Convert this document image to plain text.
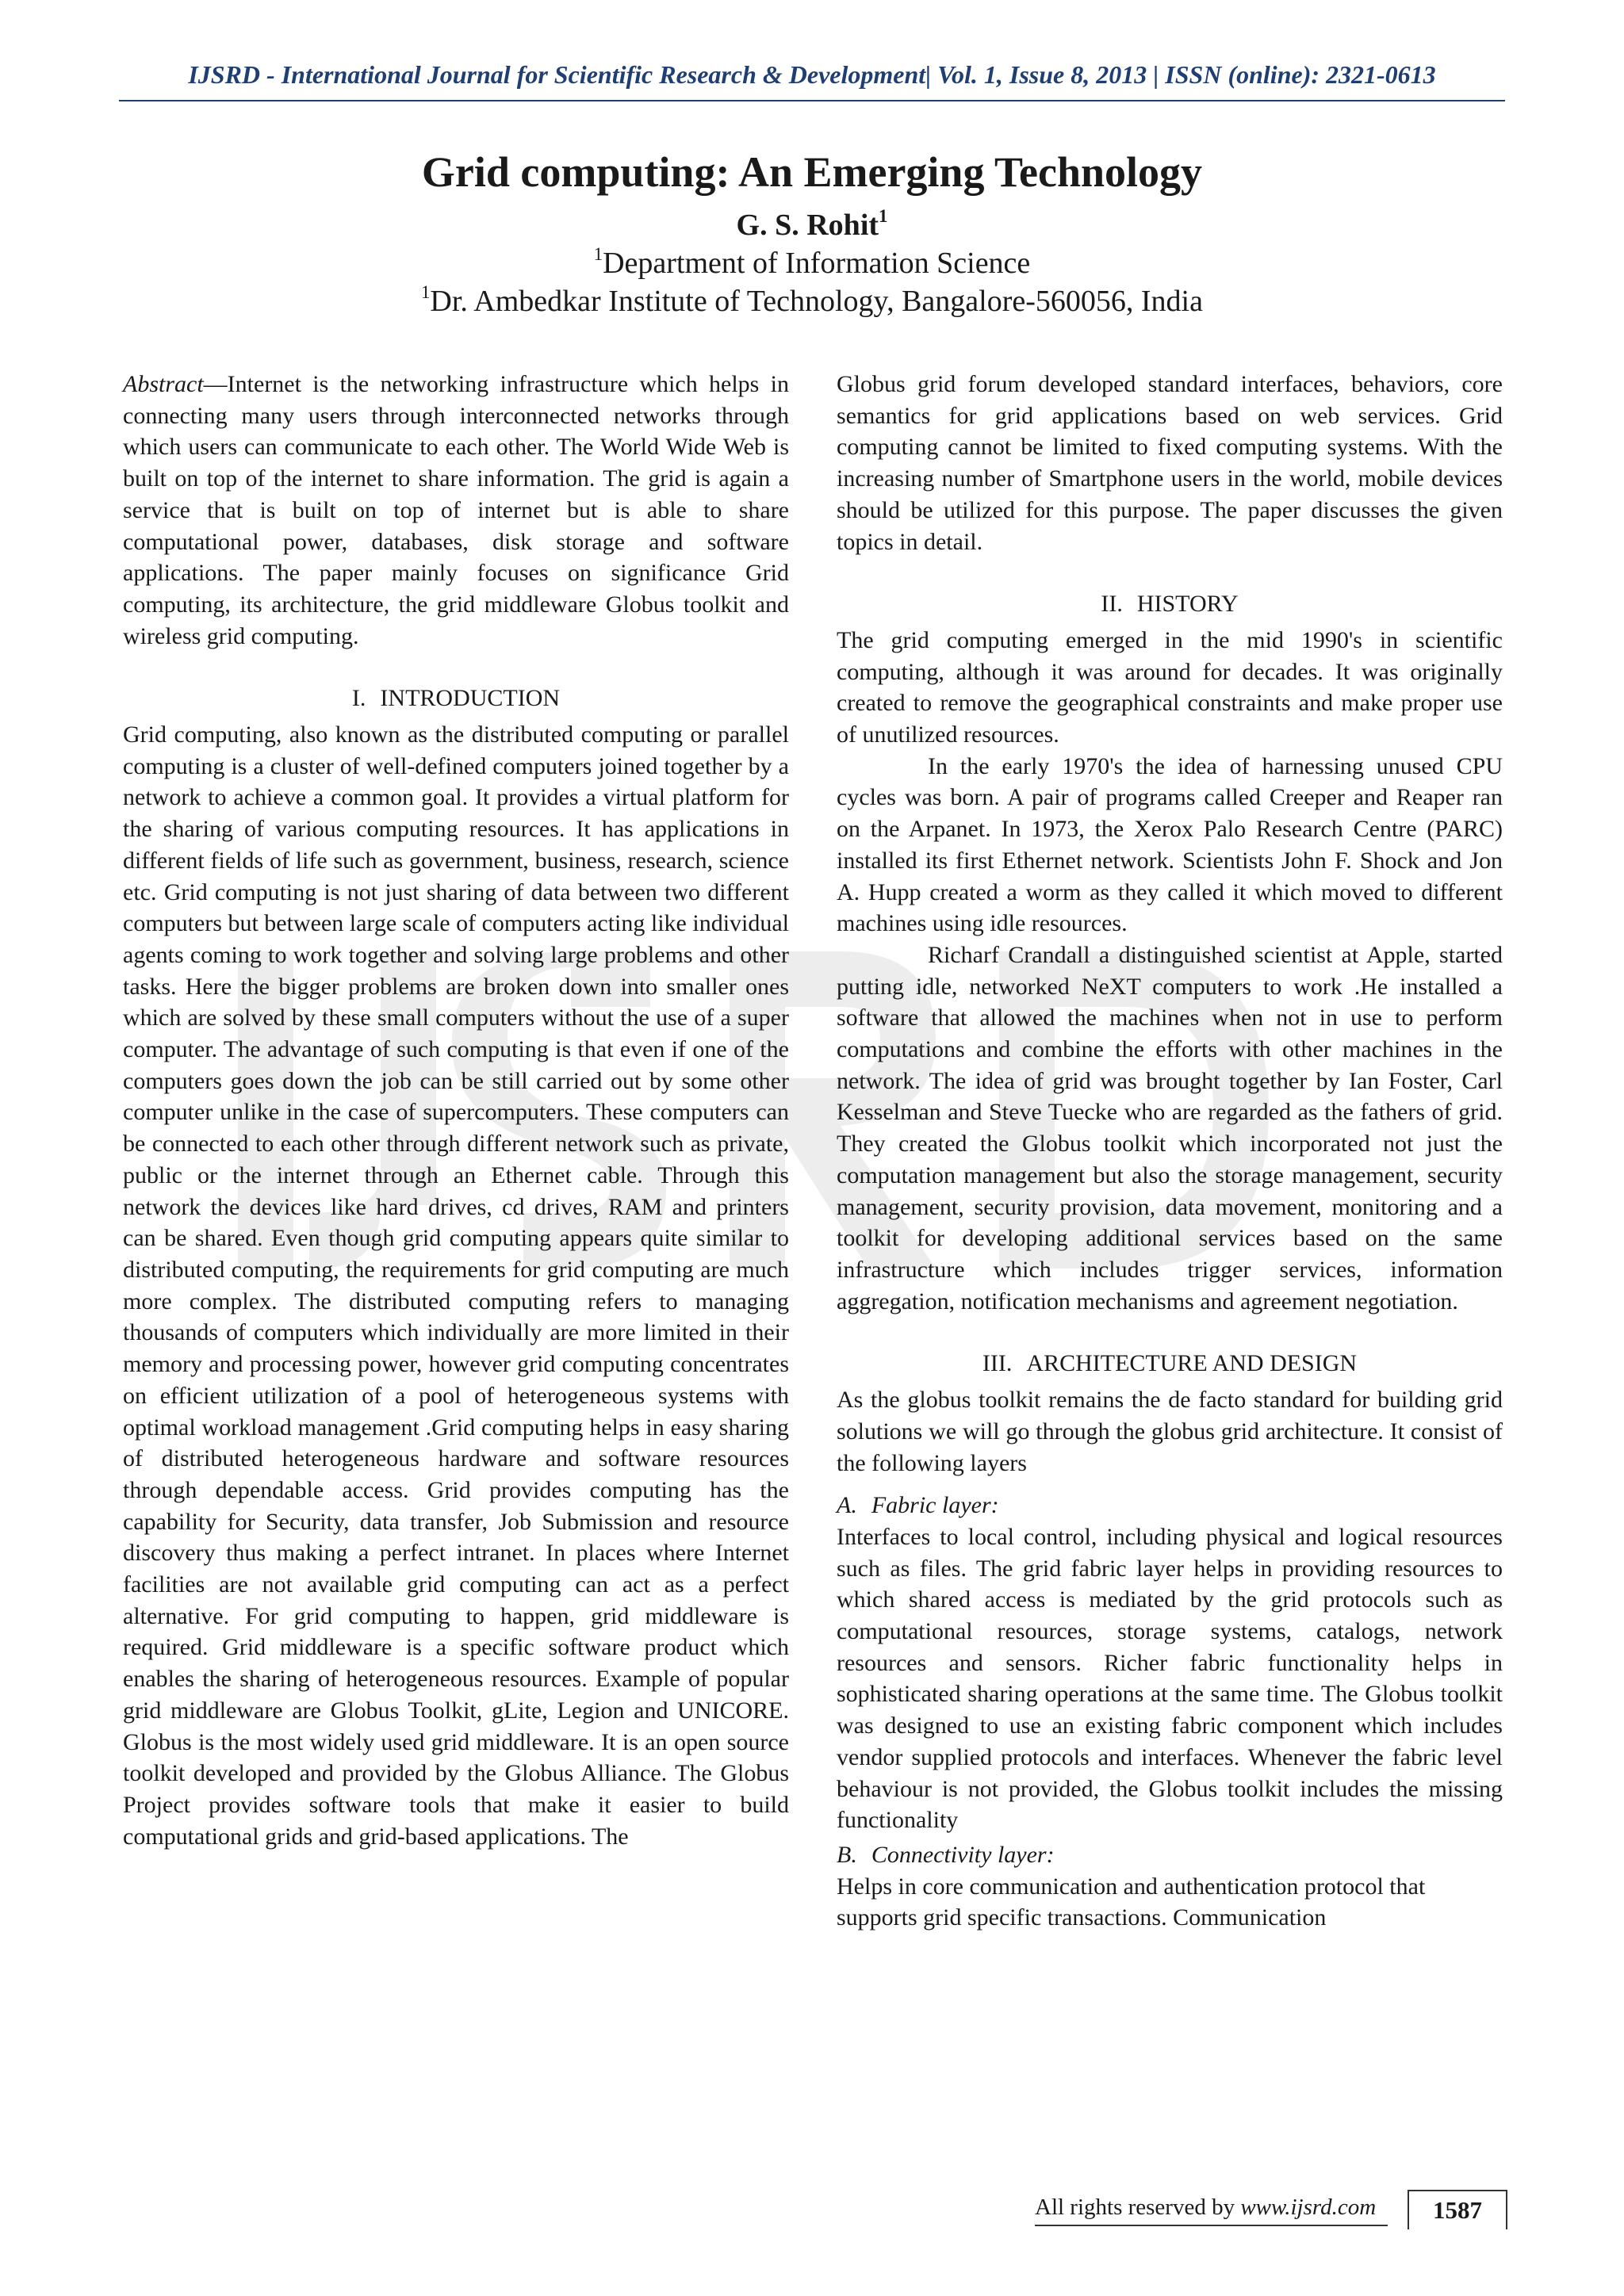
IJSRD - International Journal for Scientific Research & Development| Vol. 1, Issue 8, 2013 | ISSN (online): 2321-0613
Grid computing: An Emerging Technology
G. S. Rohit$^1$
$^1$Department of Information Science
$^1$Dr. Ambedkar Institute of Technology, Bangalore-560056, India

Abstract—Internet is the networking infrastructure which helps in connecting many users through interconnected networks through which users can communicate to each other. The World Wide Web is built on top of the internet to share information. The grid is again a service that is built on top of internet but is able to share computational power, databases, disk storage and software applications. The paper mainly focuses on significance Grid computing, its architecture, the grid middleware Globus toolkit and wireless grid computing.

I. INTRODUCTION

Grid computing, also known as the distributed computing or parallel computing is a cluster of well-defined computers joined together by a network to achieve a common goal. It provides a virtual platform for the sharing of various computing resources. It has applications in different fields of life such as government, business, research, science etc. Grid computing is not just sharing of data between two different computers but between large scale of computers acting like individual agents coming to work together and solving large problems and other tasks. Here the bigger problems are broken down into smaller ones which are solved by these small computers without the use of a super computer. The advantage of such computing is that even if one of the computers goes down the job can be still carried out by some other computer unlike in the case of supercomputers. These computers can be connected to each other through different network such as private, public or the internet through an Ethernet cable. Through this network the devices like hard drives, cd drives, RAM and printers can be shared. Even though grid computing appears quite similar to distributed computing, the requirements for grid computing are much more complex. The distributed computing refers to managing thousands of computers which individually are more limited in their memory and processing power, however grid computing concentrates on efficient utilization of a pool of heterogeneous systems with optimal workload management .Grid computing helps in easy sharing of distributed heterogeneous hardware and software resources through dependable access. Grid provides computing has the capability for Security, data transfer, Job Submission and resource discovery thus making a perfect intranet. In places where Internet facilities are not available grid computing can act as a perfect alternative. For grid computing to happen, grid middleware is required. Grid middleware is a specific software product which enables the sharing of heterogeneous resources. Example of popular grid middleware are Globus Toolkit, gLite, Legion and UNICORE. Globus is the most widely used grid middleware. It is an open source toolkit developed and provided by the Globus Alliance. The Globus Project provides software tools that make it easier to build computational grids and grid-based applications. The

Globus grid forum developed standard interfaces, behaviors, core semantics for grid applications based on web services. Grid computing cannot be limited to fixed computing systems. With the increasing number of Smartphone users in the world, mobile devices should be utilized for this purpose. The paper discusses the given topics in detail.

II. HISTORY

The grid computing emerged in the mid 1990's in scientific computing, although it was around for decades. It was originally created to remove the geographical constraints and make proper use of unutilized resources.

In the early 1970's the idea of harnessing unused CPU cycles was born. A pair of programs called Creeper and Reaper ran on the Arpanet. In 1973, the Xerox Palo Research Centre (PARC) installed its first Ethernet network. Scientists John F. Shock and Jon A. Hupp created a worm as they called it which moved to different machines using idle resources.

Richarf Crandall a distinguished scientist at Apple, started putting idle, networked NeXT computers to work .He installed a software that allowed the machines when not in use to perform computations and combine the efforts with other machines in the network. The idea of grid was brought together by Ian Foster, Carl Kesselman and Steve Tuecke who are regarded as the fathers of grid. They created the Globus toolkit which incorporated not just the computation management but also the storage management, security management, security provision, data movement, monitoring and a toolkit for developing additional services based on the same infrastructure which includes trigger services, information aggregation, notification mechanisms and agreement negotiation.

III. ARCHITECTURE AND DESIGN

As the globus toolkit remains the de facto standard for building grid solutions we will go through the globus grid architecture. It consist of the following layers

A. Fabric layer:

Interfaces to local control, including physical and logical resources such as files. The grid fabric layer helps in providing resources to which shared access is mediated by the grid protocols such as computational resources, storage systems, catalogs, network resources and sensors. Richer fabric functionality helps in sophisticated sharing operations at the same time. The Globus toolkit was designed to use an existing fabric component which includes vendor supplied protocols and interfaces. Whenever the fabric level behaviour is not provided, the Globus toolkit includes the missing functionality

B. Connectivity layer:

Helps in core communication and authentication protocol that supports grid specific transactions. Communication

All rights reserved by www.ijsrd.com	1587
